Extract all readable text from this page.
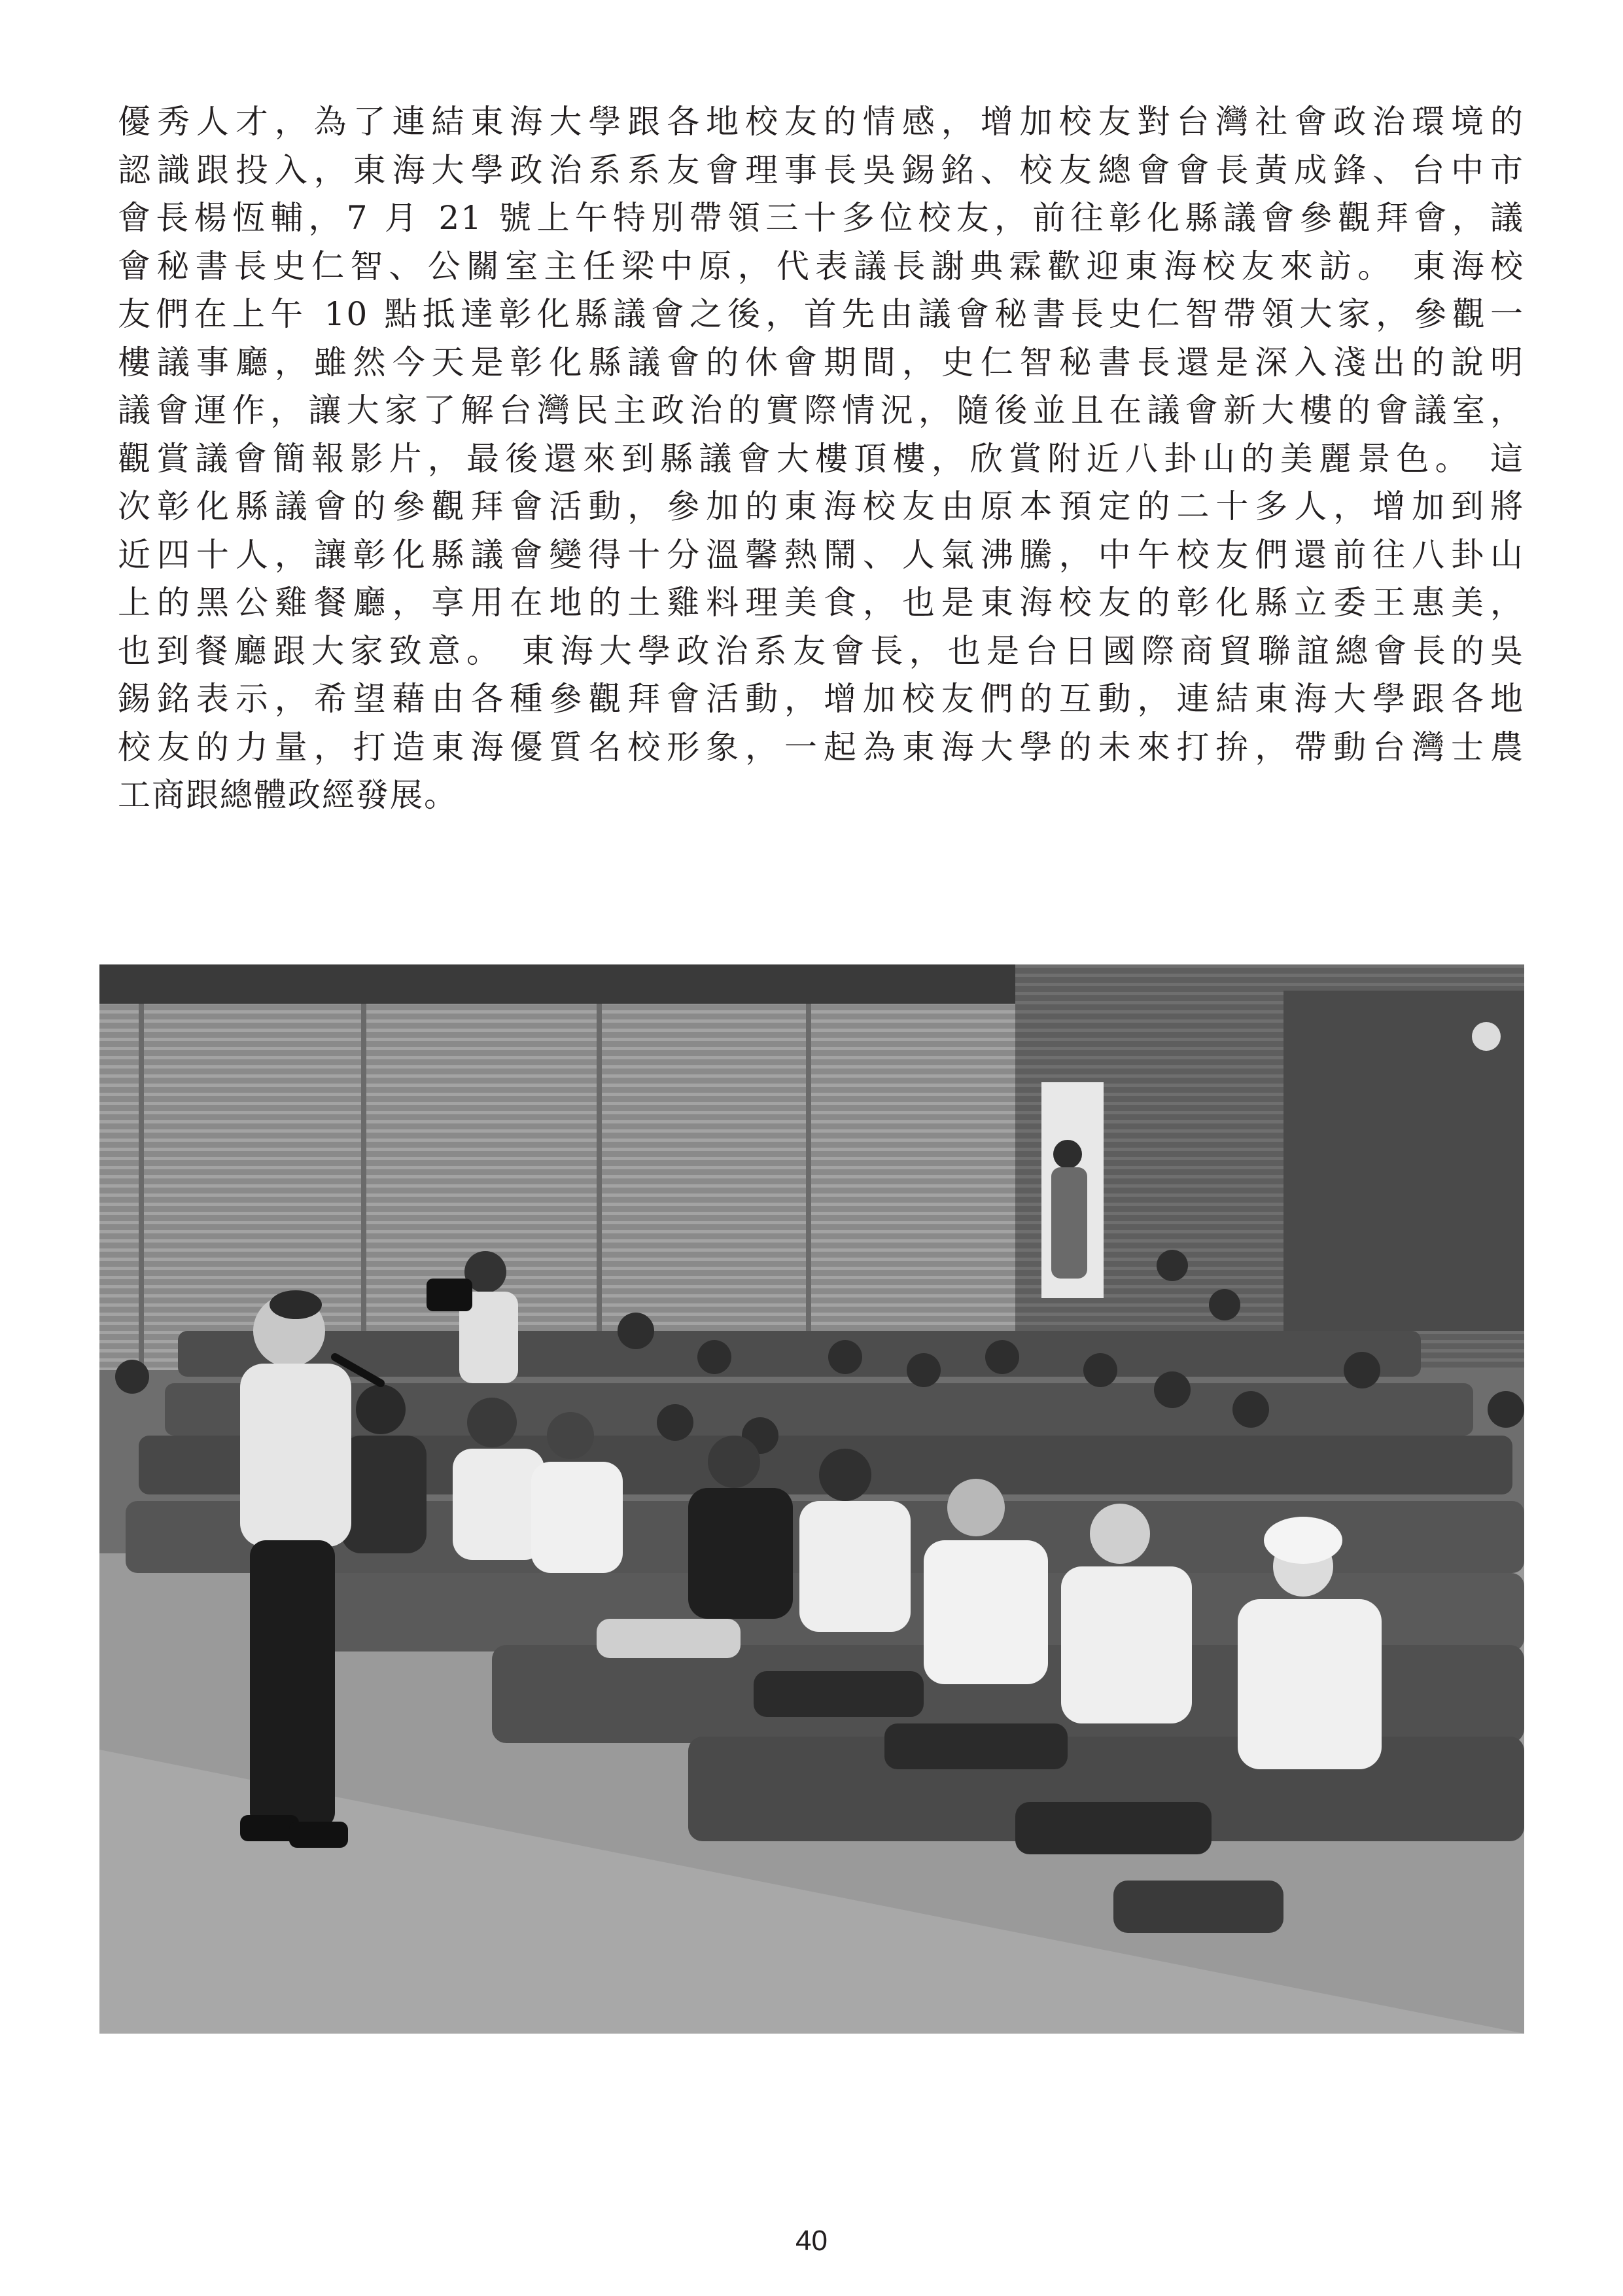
優秀人才，為了連結東海大學跟各地校友的情感，增加校友對台灣社會政治環境的
認識跟投入，東海大學政治系系友會理事長吳錫銘、校友總會會長黃成鋒、台中市
會長楊恆輔，7 月 21 號上午特別帶領三十多位校友，前往彰化縣議會參觀拜會，議
會秘書長史仁智、公關室主任梁中原，代表議長謝典霖歡迎東海校友來訪。 東海校
友們在上午 10 點抵達彰化縣議會之後，首先由議會秘書長史仁智帶領大家，參觀一
樓議事廳，雖然今天是彰化縣議會的休會期間，史仁智秘書長還是深入淺出的說明
議會運作，讓大家了解台灣民主政治的實際情況，隨後並且在議會新大樓的會議室，
觀賞議會簡報影片，最後還來到縣議會大樓頂樓，欣賞附近八卦山的美麗景色。 這
次彰化縣議會的參觀拜會活動，參加的東海校友由原本預定的二十多人，增加到將
近四十人，讓彰化縣議會變得十分溫馨熱鬧、人氣沸騰，中午校友們還前往八卦山
上的黑公雞餐廳，享用在地的土雞料理美食，也是東海校友的彰化縣立委王惠美，
也到餐廳跟大家致意。 東海大學政治系友會長，也是台日國際商貿聯誼總會長的吳
錫銘表示，希望藉由各種參觀拜會活動，增加校友們的互動，連結東海大學跟各地
校友的力量，打造東海優質名校形象，一起為東海大學的未來打拚，帶動台灣士農
工商跟總體政經發展。
40
